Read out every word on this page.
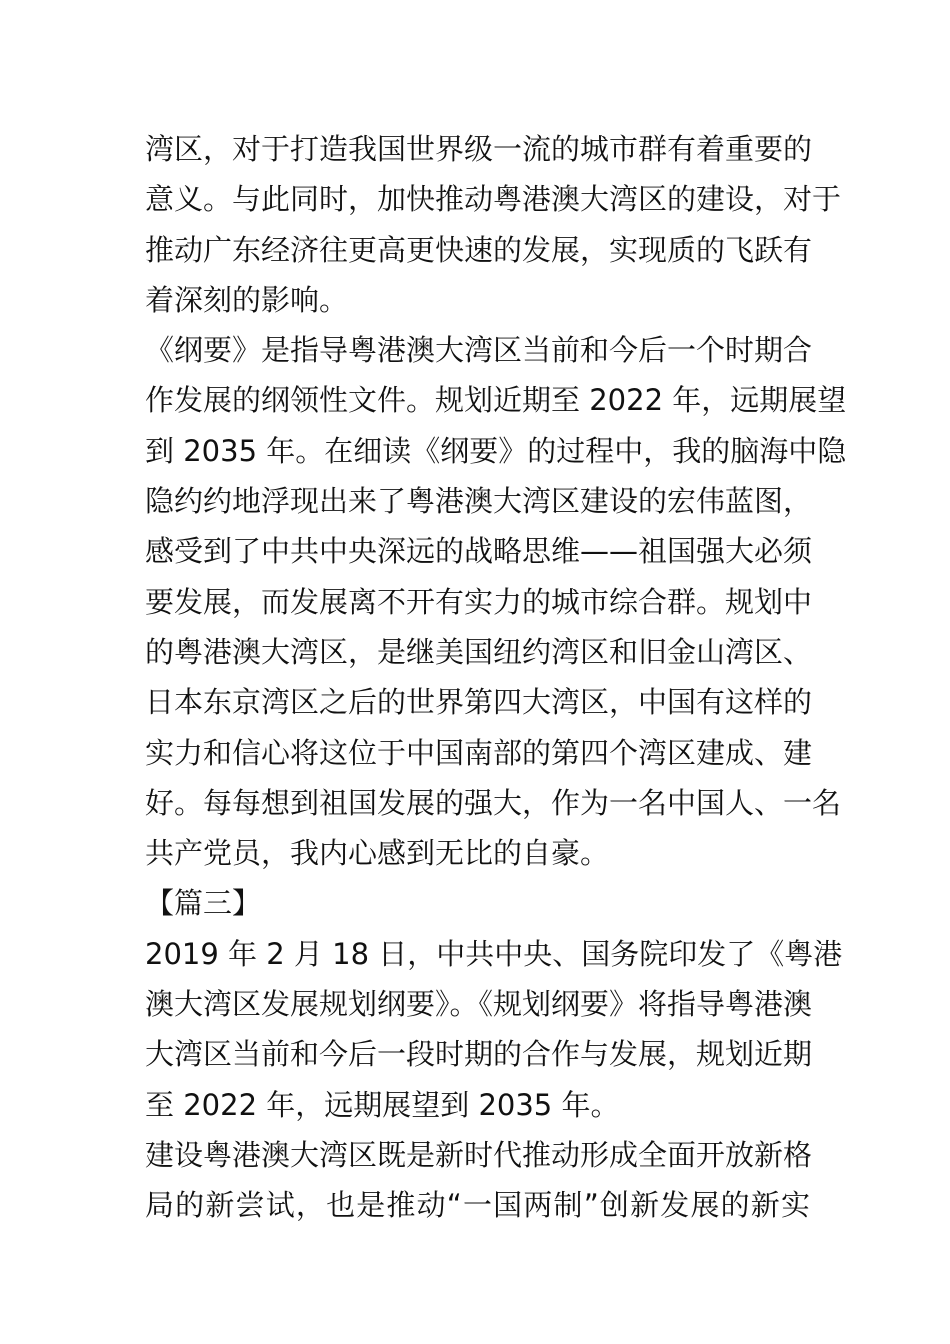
湾区，对于打造我国世界级一流的城市群有着重要的
意义。与此同时，加快推动粤港澳大湾区的建设，对于
推动广东经济往更高更快速的发展，实现质的飞跃有
着深刻的影响。
《纲要》是指导粤港澳大湾区当前和今后一个时期合
作发展的纲领性文件。规划近期至 2022 年，远期展望
到 2035 年。在细读《纲要》的过程中，我的脑海中隐
隐约约地浮现出来了粤港澳大湾区建设的宏伟蓝图，
感受到了中共中央深远的战略思维——祖国强大必须
要发展，而发展离不开有实力的城市综合群。规划中
的粤港澳大湾区，是继美国纽约湾区和旧金山湾区、
日本东京湾区之后的世界第四大湾区，中国有这样的
实力和信心将这位于中国南部的第四个湾区建成、建
好。每每想到祖国发展的强大，作为一名中国人、一名
共产党员，我内心感到无比的自豪。
【篇三】
2019 年 2 月 18 日，中共中央、国务院印发了《粤港
澳大湾区发展规划纲要》。《规划纲要》将指导粤港澳
大湾区当前和今后一段时期的合作与发展，规划近期
至 2022 年，远期展望到 2035 年。
建设粤港澳大湾区既是新时代推动形成全面开放新格
局的新尝试，也是推动“一国两制”创新发展的新实
